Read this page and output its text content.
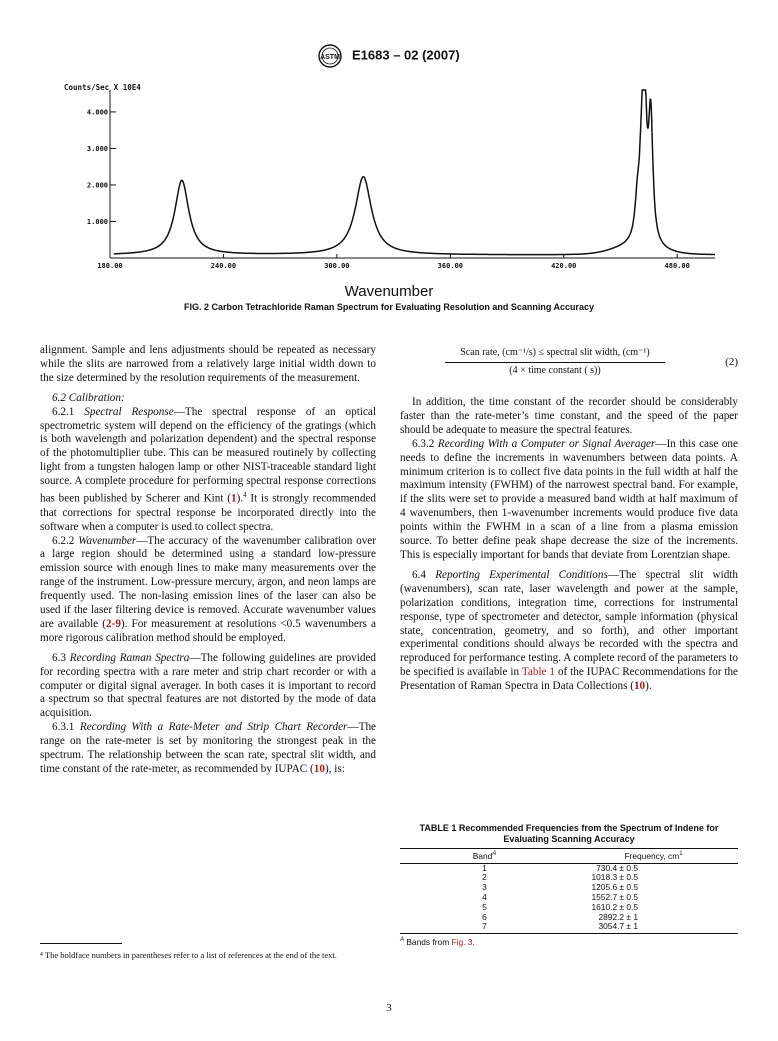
ASTM E1683 – 02 (2007)
Counts/Sec X 10E4
1.000
2.000
3.000
4.000
180.00	240.00	300.00	360.00	420.00	480.00
Wavenumber
FIG. 2 Carbon Tetrachloride Raman Spectrum for Evaluating Resolution and Scanning Accuracy

alignment. Sample and lens adjustments should be repeated as necessary while the slits are narrowed from a relatively large initial width down to the size determined by the resolution requirements of the measurement.

6.2 Calibration:

6.2.1 Spectral Response—The spectral response of an optical spectrometric system will depend on the efficiency of the gratings (which is both wavelength and polarization dependent) and the spectral response of the photomultiplier tube. This can be measured routinely by collecting light from a tungsten halogen lamp or other NIST-traceable standard light source. A complete procedure for performing spectral response corrections has been published by Scherer and Kint (1).$^4$ It is strongly recommended that corrections for spectral response be incorporated directly into the software when a computer is used to collect spectra.

6.2.2 Wavenumber—The accuracy of the wavenumber calibration over a large region should be determined using a standard low-pressure emission source with enough lines to make many measurements over the range of the instrument. Low-pressure mercury, argon, and neon lamps are frequently used. The non-lasing emission lines of the laser can also be used if the laser filtering device is removed. Accurate wavenumber values are available (2-9). For measurement at resolutions <0.5 wavenumbers a more rigorous calibration method should be employed.

6.3 Recording Raman Spectra—The following guidelines are provided for recording spectra with a rare meter and strip chart recorder or with a computer or digital signal averager. In both cases it is important to record a spectrum so that spectral features are not distorted by the mode of data acquisition.

6.3.1 Recording With a Rate-Meter and Strip Chart Recorder—The range on the rate-meter is set by monitoring the strongest peak in the spectrum. The relationship between the scan rate, spectral slit width, and time constant of the rate-meter, as recommended by IUPAC (10), is:

⁴ The boldface numbers in parentheses refer to a list of references at the end of the text.
Scan rate, (cm⁻¹/s) ≤ spectral slit width, (cm⁻¹)
(4 × time constant ( s))
(2)

In addition, the time constant of the recorder should be considerably faster than the rate-meter’s time constant, and the speed of the paper should be adequate to measure the spectral features.

6.3.2 Recording With a Computer or Signal Averager—In this case one needs to define the increments in wavenumbers between data points. A minimum criterion is to collect five data points in the full width at half the maximum intensity (FWHM) of the narrowest spectral band. For example, if the slits were set to provide a measured band width at half maximum of 4 wavenumbers, then 1-wavenumber increments would produce five data points within the FWHM in a scan of a line from a plasma emission source. To better define peak shape decrease the size of the increments. This is especially important for bands that deviate from Lorentzian shape.

6.4 Reporting Experimental Conditions—The spectral slit width (wavenumbers), scan rate, laser wavelength and power at the sample, polarization conditions, integration time, corrections for instrumental response, type of spectrometer and detector, sample information (physical state, concentration, geometry, and so forth), and other important experimental conditions should always be recorded with the spectra and reproduced for performance testing. A complete record of the parameters to be specified is available in Table 1 of the IUPAC Recommendations for the Presentation of Raman Spectra in Data Collections (10).

TABLE 1 Recommended Frequencies from the Spectrum of Indene for Evaluating Scanning Accuracy
Band$^A$	Frequency, $cm^1$
1	730.4 ± 0.5
2	1018.3 ± 0.5
3	1205.6 ± 0.5
4	1552.7 ± 0.5
5	1610.2 ± 0.5
6	2892.2 ± 1
7	3054.7 ± 1
$^A$ Bands from Fig. 3.
3
